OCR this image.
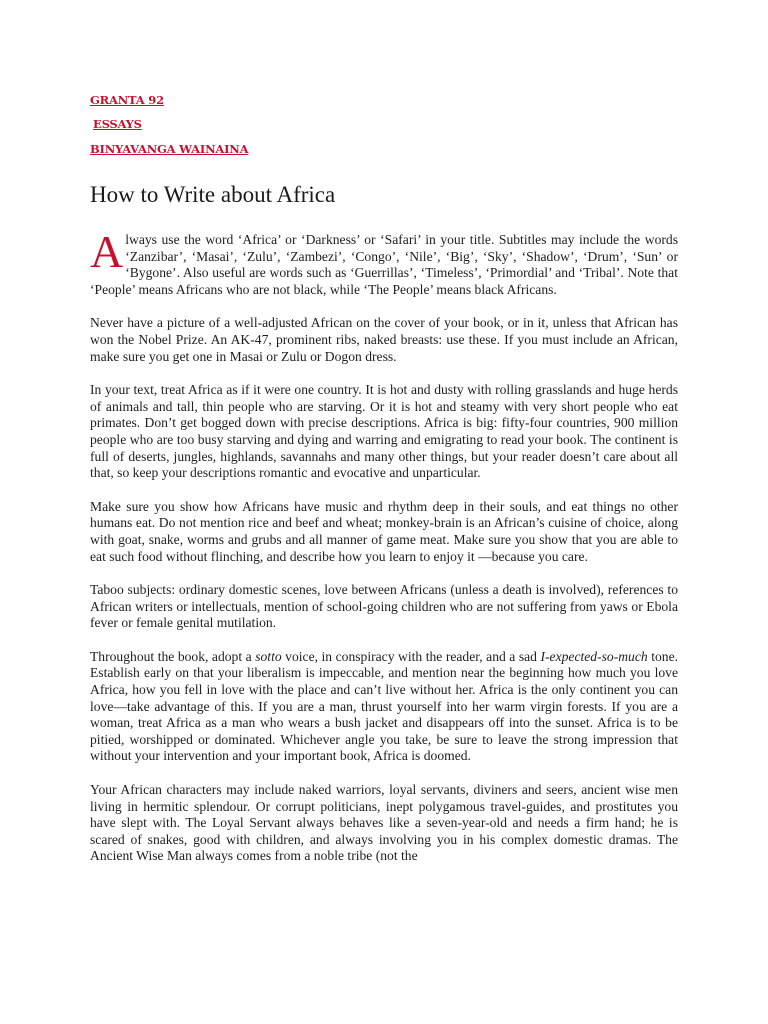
GRANTA 92
ESSAYS
BINYAVANGA WAINAINA
How to Write about Africa

Always use the word ‘Africa’ or ‘Darkness’ or ‘Safari’ in your title. Subtitles may include the words ‘Zanzibar’, ‘Masai’, ‘Zulu’, ‘Zambezi’, ‘Congo’, ‘Nile’, ‘Big’, ‘Sky’, ‘Shadow’, ‘Drum’, ‘Sun’ or ‘Bygone’. Also useful are words such as ‘Guerrillas’, ‘Timeless’, ‘Primordial’ and ‘Tribal’. Note that ‘People’ means Africans who are not black, while ‘The People’ means black Africans.

Never have a picture of a well-adjusted African on the cover of your book, or in it, unless that African has won the Nobel Prize. An AK-47, prominent ribs, naked breasts: use these. If you must include an African, make sure you get one in Masai or Zulu or Dogon dress.

In your text, treat Africa as if it were one country. It is hot and dusty with rolling grasslands and huge herds of animals and tall, thin people who are starving. Or it is hot and steamy with very short people who eat primates. Don’t get bogged down with precise descriptions. Africa is big: fifty-four countries, 900 million people who are too busy starving and dying and warring and emigrating to read your book. The continent is full of deserts, jungles, highlands, savannahs and many other things, but your reader doesn’t care about all that, so keep your descriptions romantic and evocative and unparticular.

Make sure you show how Africans have music and rhythm deep in their souls, and eat things no other humans eat. Do not mention rice and beef and wheat; monkey-brain is an African’s cuisine of choice, along with goat, snake, worms and grubs and all manner of game meat. Make sure you show that you are able to eat such food without flinching, and describe how you learn to enjoy it —because you care.

Taboo subjects: ordinary domestic scenes, love between Africans (unless a death is involved), references to African writers or intellectuals, mention of school-going children who are not suffering from yaws or Ebola fever or female genital mutilation.

Throughout the book, adopt a sotto voice, in conspiracy with the reader, and a sad I-expected-so-much tone. Establish early on that your liberalism is impeccable, and mention near the beginning how much you love Africa, how you fell in love with the place and can’t live without her. Africa is the only continent you can love—take advantage of this. If you are a man, thrust yourself into her warm virgin forests. If you are a woman, treat Africa as a man who wears a bush jacket and disappears off into the sunset. Africa is to be pitied, worshipped or dominated. Whichever angle you take, be sure to leave the strong impression that without your intervention and your important book, Africa is doomed.

Your African characters may include naked warriors, loyal servants, diviners and seers, ancient wise men living in hermitic splendour. Or corrupt politicians, inept polygamous travel-guides, and prostitutes you have slept with. The Loyal Servant always behaves like a seven-year-old and needs a firm hand; he is scared of snakes, good with children, and always involving you in his complex domestic dramas. The Ancient Wise Man always comes from a noble tribe (not the
